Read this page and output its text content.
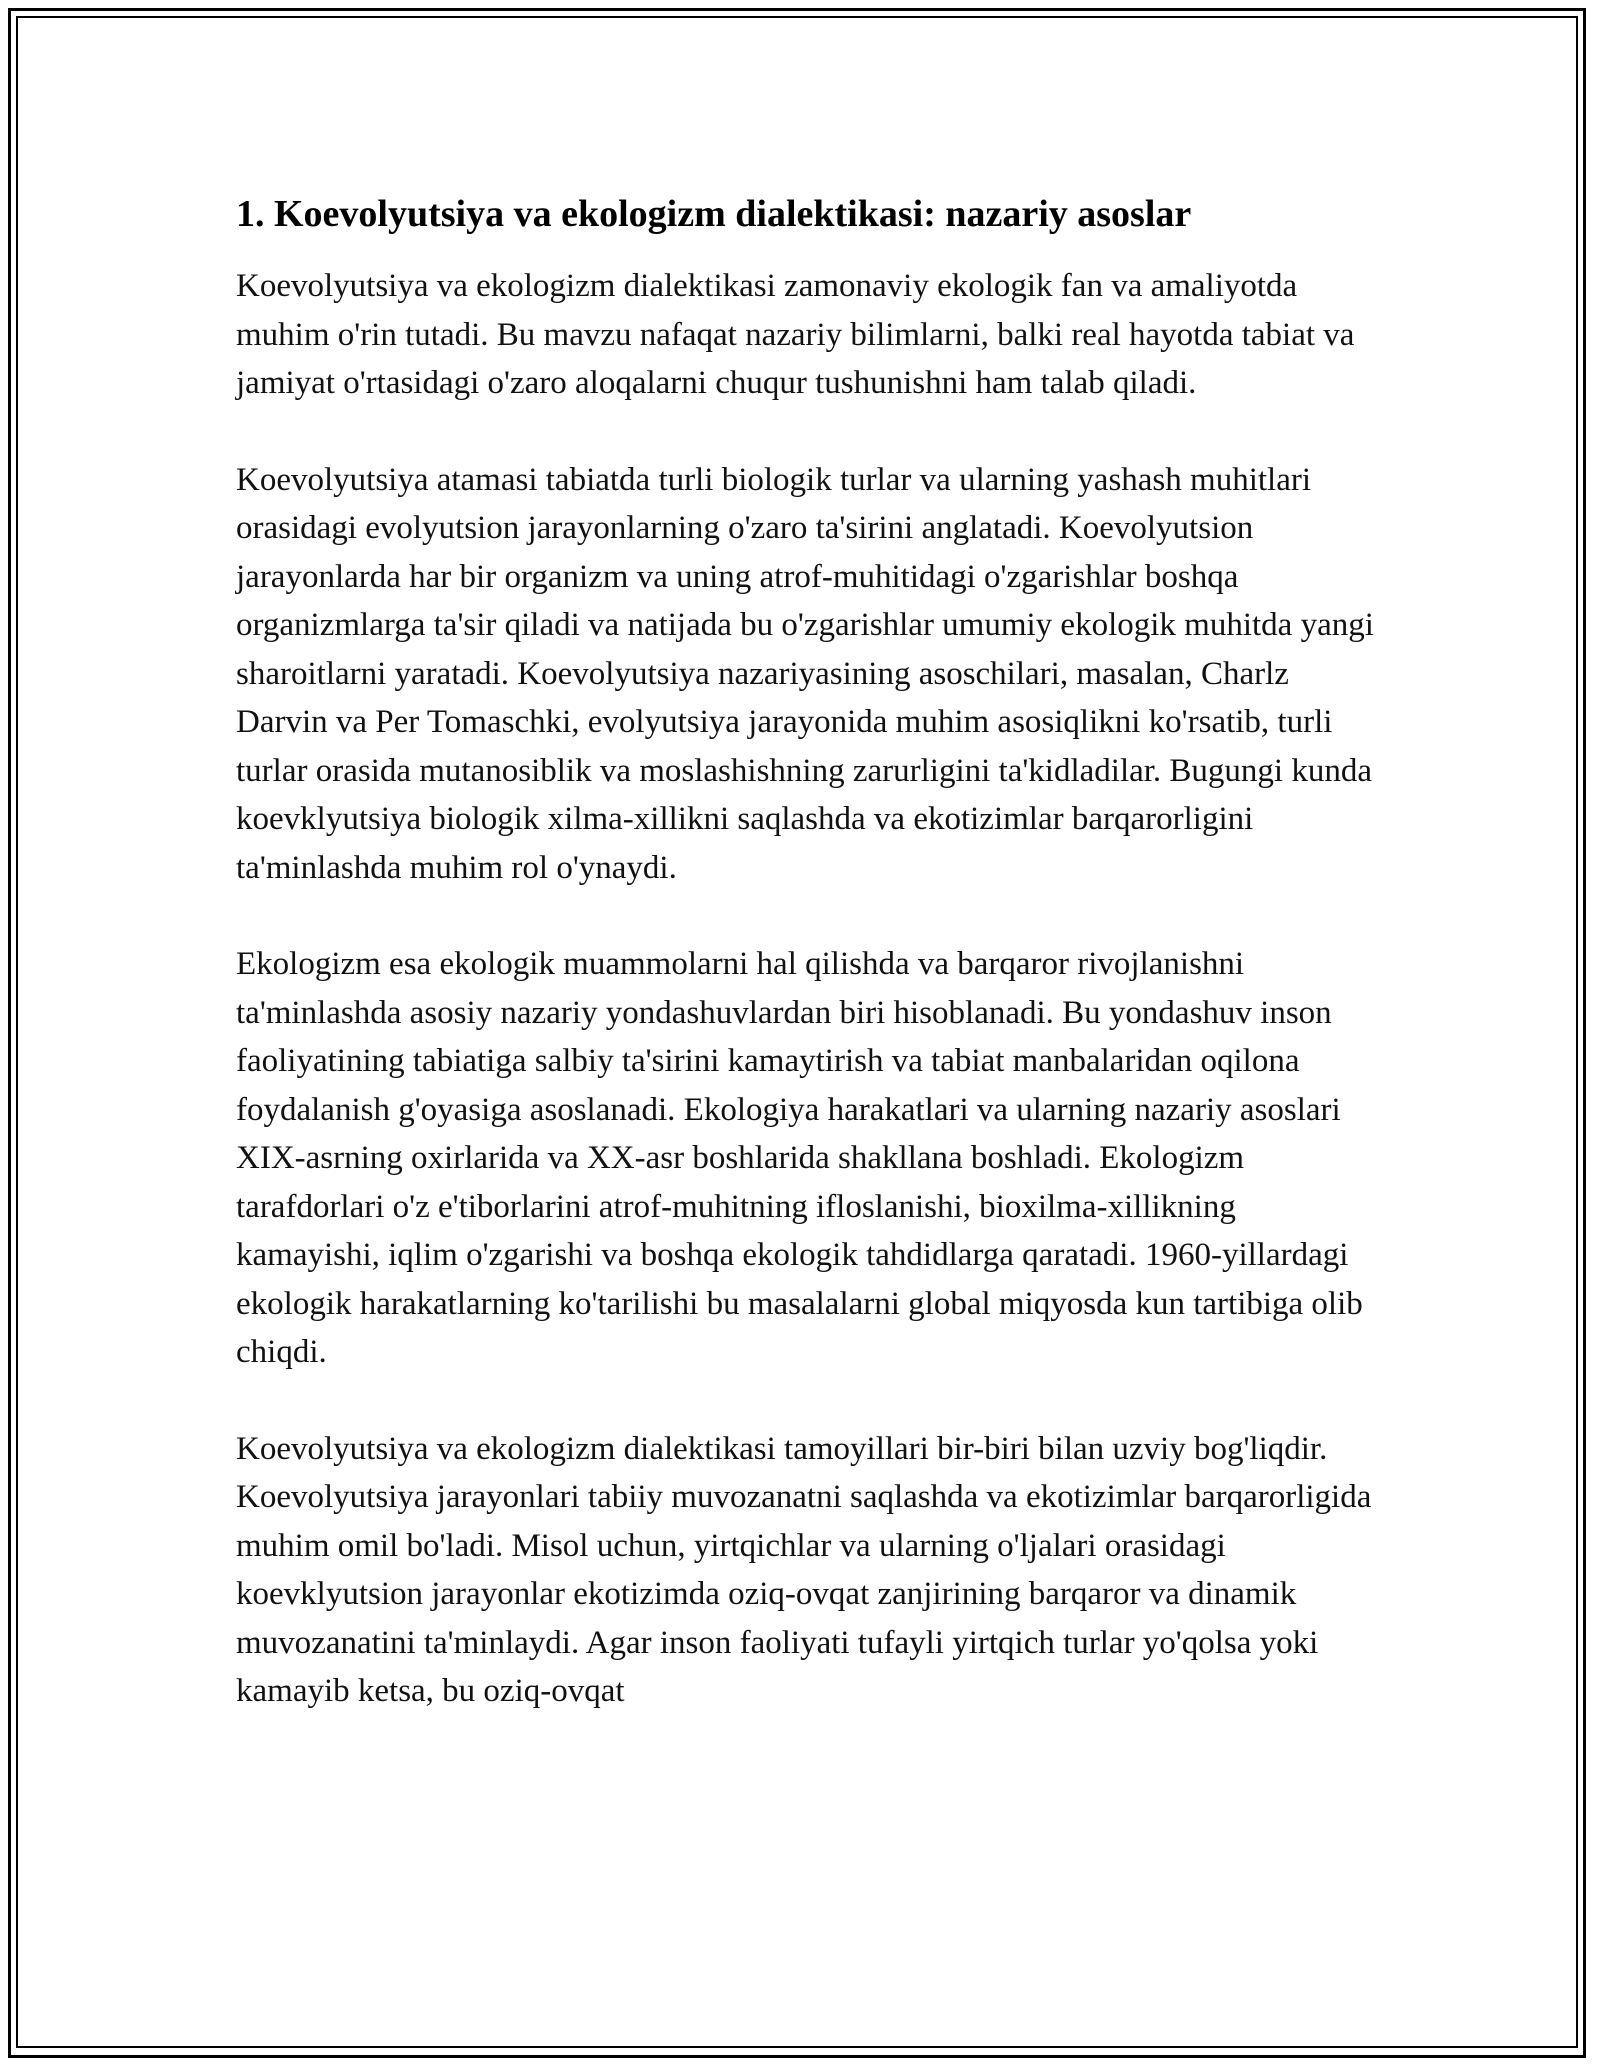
1. Koevolyutsiya va ekologizm dialektikasi: nazariy asoslar

Koevolyutsiya va ekologizm dialektikasi zamonaviy ekologik fan va amaliyotda muhim o'rin tutadi. Bu mavzu nafaqat nazariy bilimlarni, balki real hayotda tabiat va jamiyat o'rtasidagi o'zaro aloqalarni chuqur tushunishni ham talab qiladi.

Koevolyutsiya atamasi tabiatda turli biologik turlar va ularning yashash muhitlari orasidagi evolyutsion jarayonlarning o'zaro ta'sirini anglatadi. Koevolyutsion jarayonlarda har bir organizm va uning atrof-muhitidagi o'zgarishlar boshqa organizmlarga ta'sir qiladi va natijada bu o'zgarishlar umumiy ekologik muhitda yangi sharoitlarni yaratadi. Koevolyutsiya nazariyasining asoschilari, masalan, Charlz Darvin va Per Tomaschki, evolyutsiya jarayonida muhim asosiqlikni ko'rsatib, turli turlar orasida mutanosiblik va moslashishning zarurligini ta'kidladilar. Bugungi kunda koevklyutsiya biologik xilma-xillikni saqlashda va ekotizimlar barqarorligini ta'minlashda muhim rol o'ynaydi.

Ekologizm esa ekologik muammolarni hal qilishda va barqaror rivojlanishni ta'minlashda asosiy nazariy yondashuvlardan biri hisoblanadi. Bu yondashuv inson faoliyatining tabiatiga salbiy ta'sirini kamaytirish va tabiat manbalaridan oqilona foydalanish g'oyasiga asoslanadi. Ekologiya harakatlari va ularning nazariy asoslari XIX-asrning oxirlarida va XX-asr boshlarida shakllana boshladi. Ekologizm tarafdorlari o'z e'tiborlarini atrof-muhitning ifloslanishi, bioxilma-xillikning kamayishi, iqlim o'zgarishi va boshqa ekologik tahdidlarga qaratadi. 1960-yillardagi ekologik harakatlarning ko'tarilishi bu masalalarni global miqyosda kun tartibiga olib chiqdi.

Koevolyutsiya va ekologizm dialektikasi tamoyillari bir-biri bilan uzviy bog'liqdir. Koevolyutsiya jarayonlari tabiiy muvozanatni saqlashda va ekotizimlar barqarorligida muhim omil bo'ladi. Misol uchun, yirtqichlar va ularning o'ljalari orasidagi koevklyutsion jarayonlar ekotizimda oziq-ovqat zanjirining barqaror va dinamik muvozanatini ta'minlaydi. Agar inson faoliyati tufayli yirtqich turlar yo'qolsa yoki kamayib ketsa, bu oziq-ovqat
